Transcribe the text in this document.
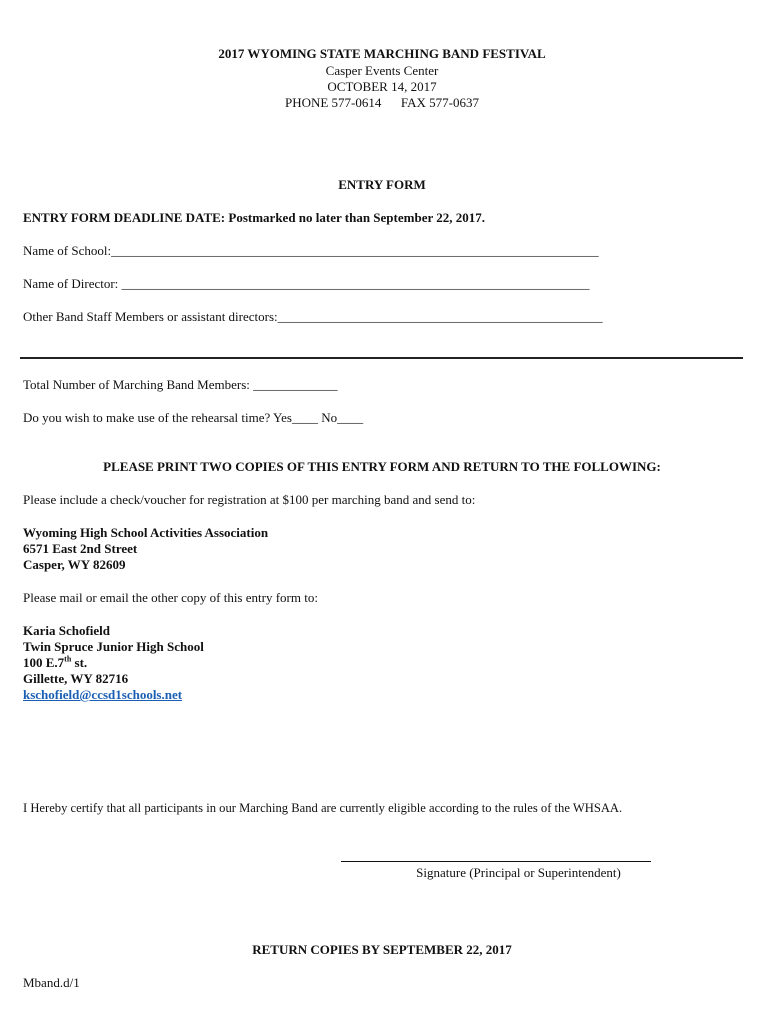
2017 WYOMING STATE MARCHING BAND FESTIVAL
Casper Events Center
OCTOBER 14, 2017
PHONE 577-0614      FAX 577-0637
ENTRY FORM
ENTRY FORM DEADLINE DATE: Postmarked no later than September 22, 2017.
Name of School:___________________________________________________________________________
Name of Director: ________________________________________________________________________
Other Band Staff Members or assistant directors:__________________________________________________
Total Number of Marching Band Members: _____________
Do you wish to make use of the rehearsal time? Yes____ No____
PLEASE PRINT TWO COPIES OF THIS ENTRY FORM AND RETURN TO THE FOLLOWING:
Please include a check/voucher for registration at $100 per marching band and send to:
Wyoming High School Activities Association
6571 East 2nd Street
Casper, WY 82609
Please mail or email the other copy of this entry form to:
Karia Schofield
Twin Spruce Junior High School
100 E.7th st.
Gillette, WY 82716
kschofield@ccsd1schools.net
I Hereby certify that all participants in our Marching Band are currently eligible according to the rules of the WHSAA.
Signature (Principal or Superintendent)
RETURN COPIES BY SEPTEMBER 22, 2017
Mband.d/1
